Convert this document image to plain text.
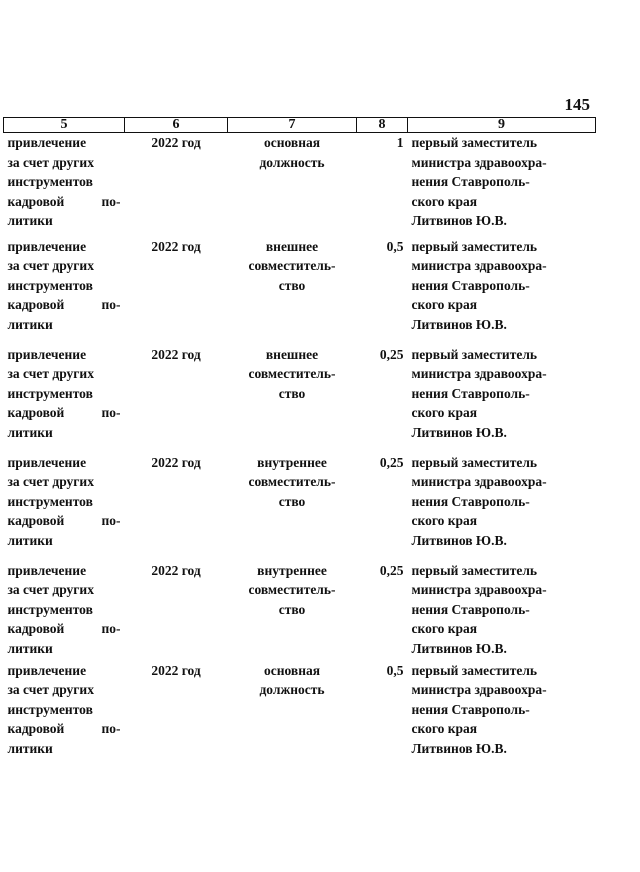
145
5	6	7	8	9

привлечение
за счет других
инструментов
кадровой по-
литики	2022 год	основная
должность	1	первый заместитель
министра здравоохра-
нения Ставрополь-
ского края
Литвинов Ю.В.

привлечение
за счет других
инструментов
кадровой по-
литики	2022 год	внешнее
совместитель-
ство	0,5	первый заместитель
министра здравоохра-
нения Ставрополь-
ского края
Литвинов Ю.В.

привлечение
за счет других
инструментов
кадровой по-
литики	2022 год	внешнее
совместитель-
ство	0,25	первый заместитель
министра здравоохра-
нения Ставрополь-
ского края
Литвинов Ю.В.

привлечение
за счет других
инструментов
кадровой по-
литики	2022 год	внутреннее
совместитель-
ство	0,25	первый заместитель
министра здравоохра-
нения Ставрополь-
ского края
Литвинов Ю.В.

привлечение
за счет других
инструментов
кадровой по-
литики	2022 год	внутреннее
совместитель-
ство	0,25	первый заместитель
министра здравоохра-
нения Ставрополь-
ского края
Литвинов Ю.В.

привлечение
за счет других
инструментов
кадровой по-
литики	2022 год	основная
должность	0,5	первый заместитель
министра здравоохра-
нения Ставрополь-
ского края
Литвинов Ю.В.
